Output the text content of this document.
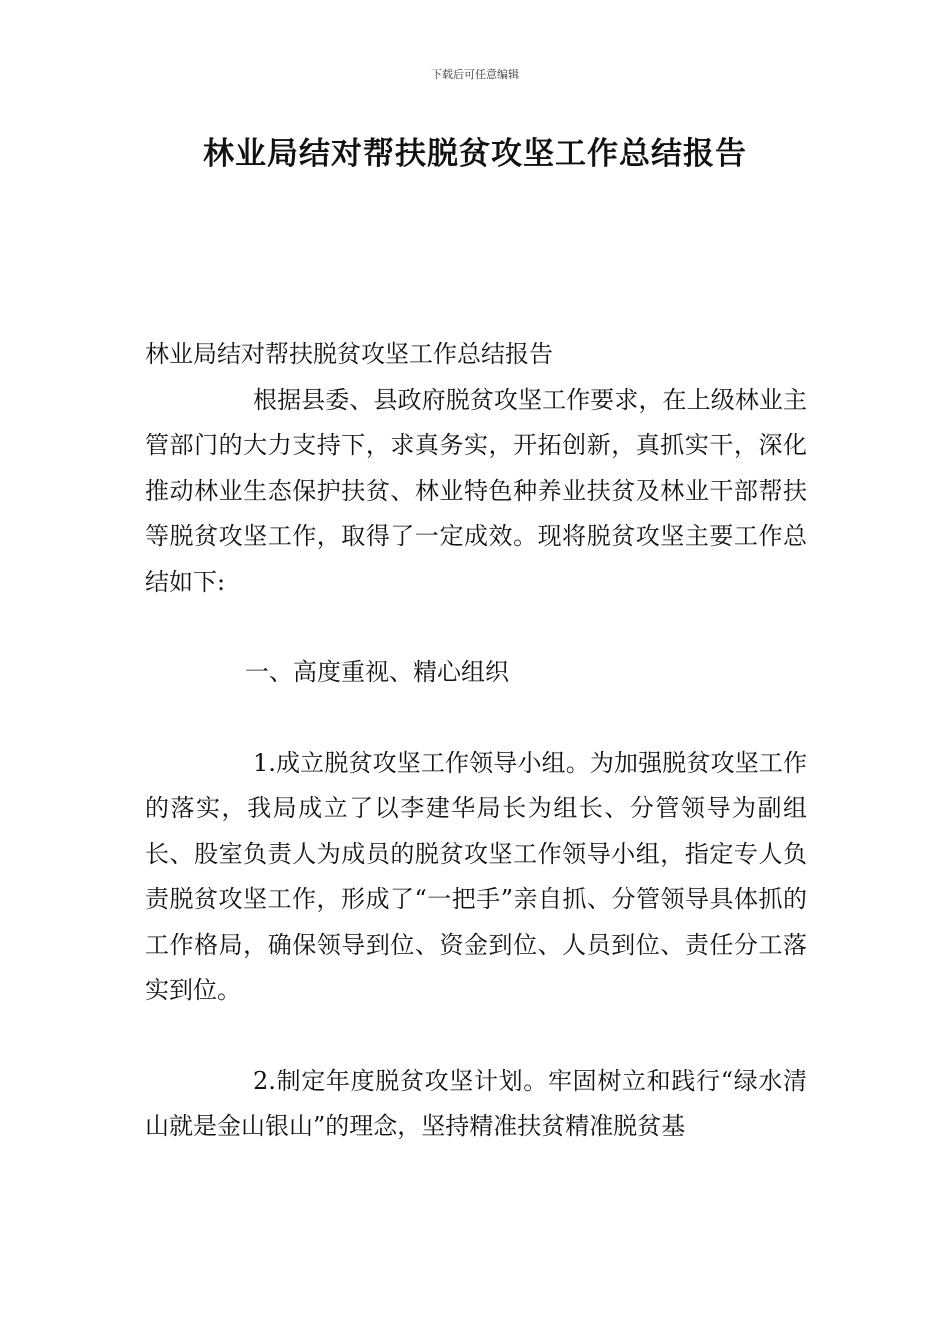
下载后可任意编辑
林业局结对帮扶脱贫攻坚工作总结报告

林业局结对帮扶脱贫攻坚工作总结报告

根据县委、县政府脱贫攻坚工作要求，在上级林业主管部门的大力支持下，求真务实，开拓创新，真抓实干，深化推动林业生态保护扶贫、林业特色种养业扶贫及林业干部帮扶等脱贫攻坚工作，取得了一定成效。现将脱贫攻坚主要工作总结如下:

一、高度重视、精心组织

1.成立脱贫攻坚工作领导小组。为加强脱贫攻坚工作的落实，我局成立了以李建华局长为组长、分管领导为副组长、股室负责人为成员的脱贫攻坚工作领导小组，指定专人负责脱贫攻坚工作，形成了“一把手”亲自抓、分管领导具体抓的工作格局，确保领导到位、资金到位、人员到位、责任分工落实到位。

2.制定年度脱贫攻坚计划。牢固树立和践行“绿水清山就是金山银山”的理念，坚持精准扶贫精准脱贫基
